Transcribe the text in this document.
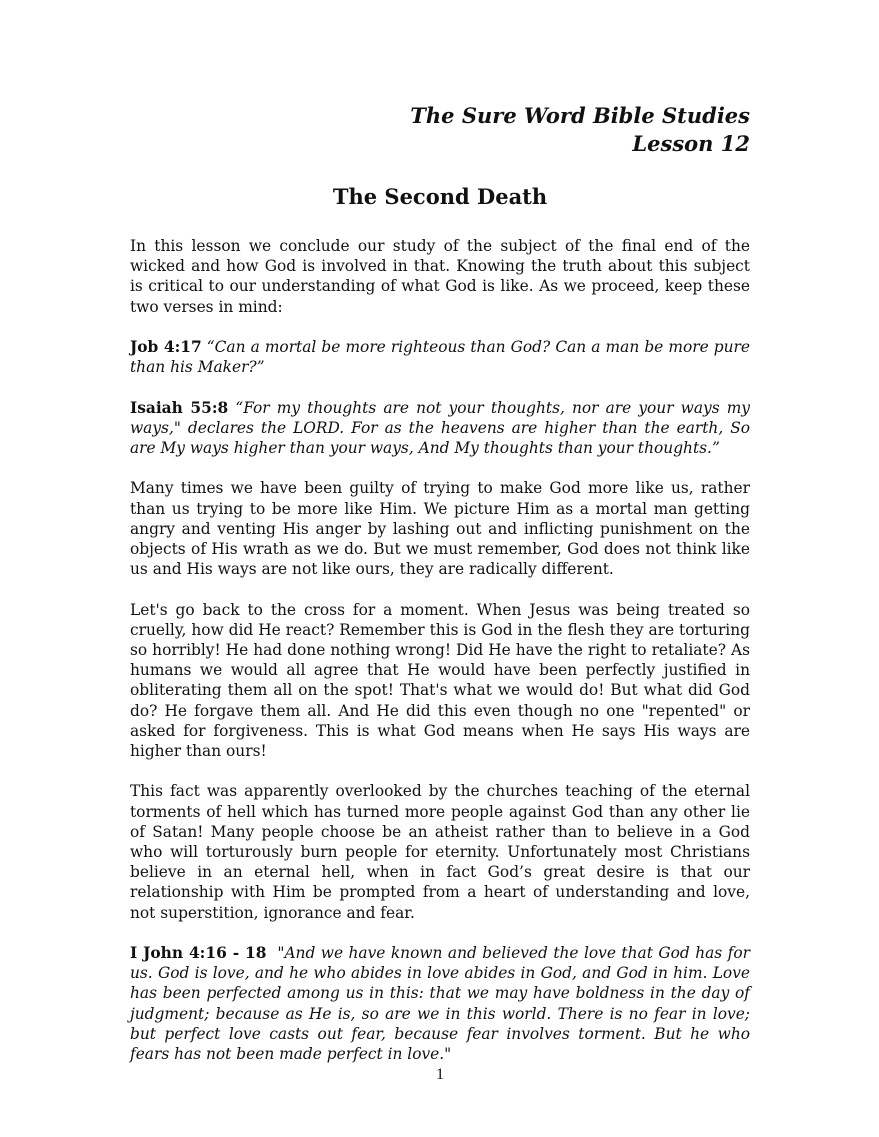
The Sure Word Bible Studies
Lesson 12
The Second Death

In this lesson we conclude our study of the subject of the final end of the wicked and how God is involved in that. Knowing the truth about this subject is critical to our understanding of what God is like. As we proceed, keep these two verses in mind:

Job 4:17 “Can a mortal be more righteous than God? Can a man be more pure than his Maker?”

Isaiah 55:8 “For my thoughts are not your thoughts, nor are your ways my ways," declares the LORD. For as the heavens are higher than the earth, So are My ways higher than your ways, And My thoughts than your thoughts.”

Many times we have been guilty of trying to make God more like us, rather than us trying to be more like Him. We picture Him as a mortal man getting angry and venting His anger by lashing out and inflicting punishment on the objects of His wrath as we do. But we must remember, God does not think like us and His ways are not like ours, they are radically different.

Let's go back to the cross for a moment. When Jesus was being treated so cruelly, how did He react? Remember this is God in the flesh they are torturing so horribly! He had done nothing wrong! Did He have the right to retaliate? As humans we would all agree that He would have been perfectly justified in obliterating them all on the spot! That's what we would do! But what did God do? He forgave them all. And He did this even though no one "repented" or asked for forgiveness. This is what God means when He says His ways are higher than ours!

This fact was apparently overlooked by the churches teaching of the eternal torments of hell which has turned more people against God than any other lie of Satan! Many people choose be an atheist rather than to believe in a God who will torturously burn people for eternity. Unfortunately most Christians believe in an eternal hell, when in fact God’s great desire is that our relationship with Him be prompted from a heart of understanding and love, not superstition, ignorance and fear.

I John 4:16 - 18 "And we have known and believed the love that God has for us. God is love, and he who abides in love abides in God, and God in him. Love has been perfected among us in this: that we may have boldness in the day of judgment; because as He is, so are we in this world. There is no fear in love; but perfect love casts out fear, because fear involves torment. But he who fears has not been made perfect in love."

1
